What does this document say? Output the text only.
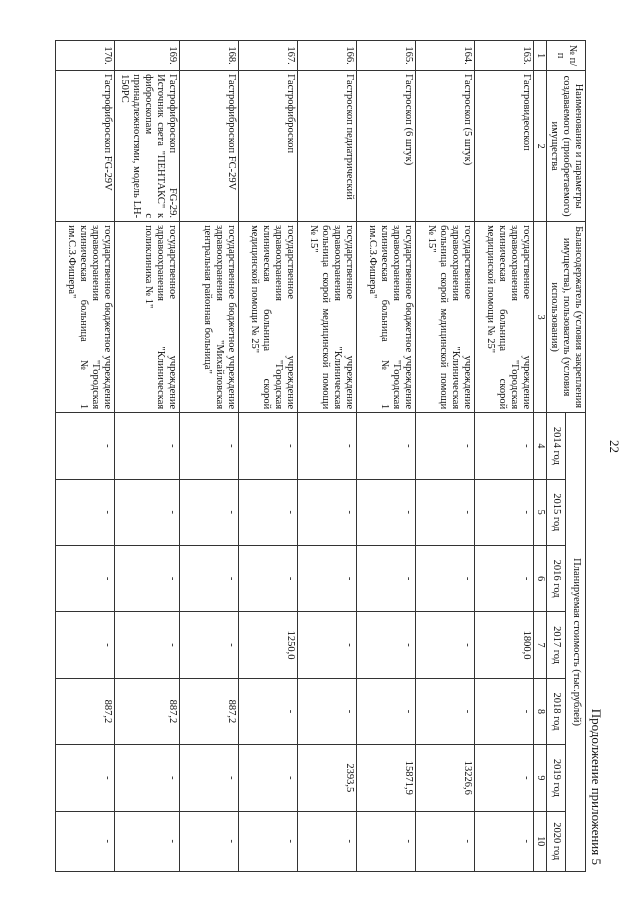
22
Продолжение приложения 5
№ п/п	Наименование и параметры создаваемого (приобретаемого) имущества	Балансодержатель (условия закрепления имущества), пользователь (условия использования)	Планируемая стоимость (тыс.рублей)						
			2014 год	2015 год	2016 год	2017 год	2018 год	2019 год	2020 год
1	2	3	4	5	6	7	8	9	10
163.	Гастровидеоскоп	государственное учреждение здравоохранения "Городская клиническая больница скорой медицинской помощи № 25"	-	-	-	1800,0	-	-	-
164.	Гастроскоп (5 штук)	государственное учреждение здравоохранения "Клиническая больница скорой медицинской помощи № 15"	-	-	-	-	-	13226,6	-
165.	Гастроскоп (6 штук)	государственное бюджетное учреждение здравоохранения "Городская клиническая больница № 1 им.С.З.Фишера"	-	-	-	-	-	15871,9	-
166.	Гастроскоп педиатрический	государственное учреждение здравоохранения "Клиническая больница скорой медицинской помощи № 15"	-	-	-	-	-	2393,5	-
167.	Гастрофиброскоп	государственное учреждение здравоохранения "Городская клиническая больница скорой медицинской помощи № 25"	-	-	-	1250,0	-	-	-
168.	Гастрофиброскоп FC-29V	государственное бюджетное учреждение здравоохранения "Михайловская центральная районная больница"	-	-	-	-	887,2	-	-
169.	Гастрофиброскоп FG-29. Источник света "ПЕНТАКС" к фиброскопам с принадлежностями, модель LH-150PC	государственное учреждение здравоохранения "Клиническая поликлиника № 1"	-	-	-	-	887,2	-	-
170.	Гастрофиброскоп FG-29V	государственное бюджетное учреждение здравоохранения "Городская клиническая больница № 1 им.С.З.Фишера"	-	-	-	-	887,2	-	-
